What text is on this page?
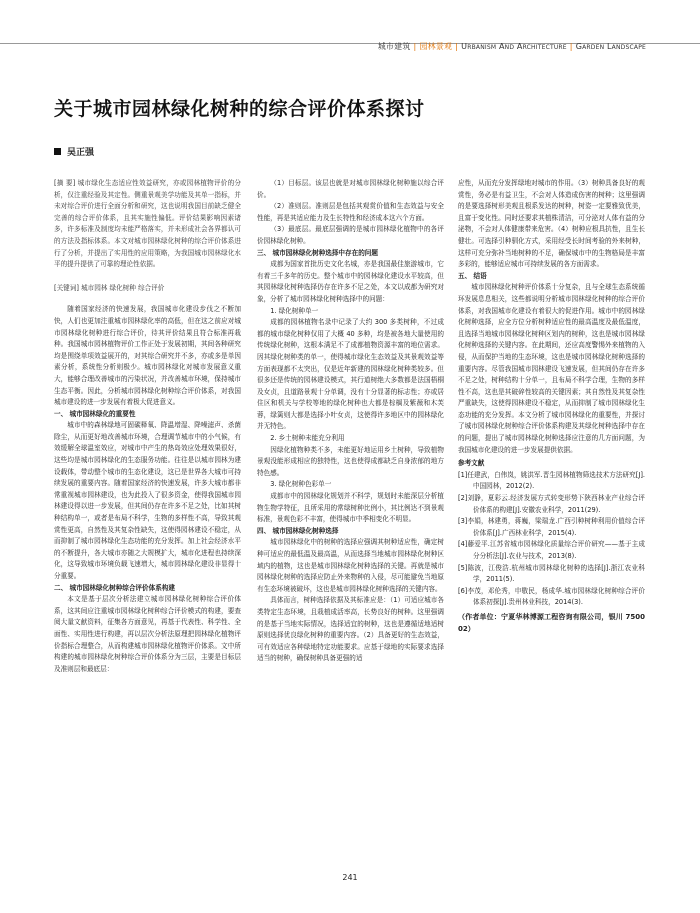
城市建筑 | 园林景观 | Urbanism And Architecture | Garden Landscape
关于城市园林绿化树种的综合评价体系探讨
吴正强

[摘 要] 城市绿化生态适应性效益研究，亦或园林植物评价的分析，仅注重经验及其定性。侧重景观美学功能及其单一指标，并未对综合评价进行全面分析和研究，这也说明我国目前缺乏健全完善的综合评价体系，且其实施性偏低。评价结果影响因素诸多，许多标准及制度均未能严格落实，并未形成社会各界都认可的方法及指标体系。本文对城市园林绿化树种的综合评价体系进行了分析，并提出了实用性的应用策略，为我国城市园林绿化水平的提升提供了可靠的理论性依据。

[关键词] 城市园林 绿化树种 综合评价

随着国家经济的快速发展，我国城市化建设步伐之不断加快，人们也更加注重城市园林绿化率的高低，但在这之前应对城市园林绿化树种进行综合评价，待其评价结果且符合标准再栽种。我国城市园林植物评价工作正处于发展初期，其间各种研究均是围绕单项效益展开的，对其综合研究并不多，亦或多是单因素分析，系统性分析则极少。城市园林绿化对城市发展意义重大，能够合理改善城市的污染状况，并改善城市环境，保持城市生态平衡。因此，分析城市园林绿化树种综合评价体系，对我国城市建设的进一步发展有着极大促进意义。

一、 城市园林绿化的重要性

城市中的森林绿地可固碳释氧、降温增湿、降噪滤声、杀菌除尘，从而更好地改善城市环境，合理调节城市中的小气候，有效缓解全球温室效应，对城市中产生的热岛效应处理效果很好，这些均是城市园林绿化的生态服务功能。往往是以城市园林为建设载体，带动整个城市的生态化建设，这已是世界各大城市可持续发展的重要内容。随着国家经济的快速发展，许多大城市都非常重视城市园林建设，也为此投入了很多资金，使得我国城市园林建设得以进一步发展，但其间仍存在许多不足之处，比如其树种结构单一，或者是布局不科学，生物的多样性不高，导致其观赏性更高，自然性及其复杂性缺失，这使得园林建设不稳定，从而抑制了城市园林绿化生态功能的充分发挥。加上社会经济水平的不断提升，各大城市亦随之大规模扩大，城市化进程也持续深化，这导致城市环境负载飞速增大，城市园林绿化建设非显得十分重要。

二、 城市园林绿化树种综合评价体系构建

本文是基于层次分析法建立城市园林绿化树种综合评价体系，这其间应注重城市园林绿化树种综合评价模式的构建，要查阅大量文献资料，征集各方面意见，再基于代表性、科学性、全面性、实用性进行构建，再以层次分析法原理把园林绿化植物评价指标合理整合，从而构建城市园林绿化植物评价体系。文中所构建的城市园林绿化树种综合评价体系分为三层，主要是目标层及准则层和最底层：

（1）目标层。该层也就是对城市园林绿化树种施以综合评价。

（2）准则层。准则层是包括其观赏价值和生态效益与安全性能，再是其适应能力及生长特性和经济成本这六个方面。

（3）最底层。最底层强调的是城市园林绿化植物中的各评价园林绿化树种。

三、 城市园林绿化树种选择中存在的问题

成都为国家首批历史文化名城，亦是我国最佳旅游城市，它有着三千多年的历史。整个城市中的园林绿化建设水平较高，但其园林绿化树种选择仍存在许多不足之处，本文以成都为研究对象，分析了城市园林绿化树种选择中的问题：

1. 绿化树种单一

成都的园林植物名录中记录了大约 300 多类树种，不过成都的城市绿化树种仅用了大概 40 多种，均是被各地大量使用的传统绿化树种，这根本满足不了成都植物资源丰富的地位需求。因其绿化树种类的单一，使得城市绿化生态效益及其景观效益等方面表现都不太突出，仅是近年新建的园林绿化树种类较多。但很多还是传统的园林建设模式，其行道树绝大多数都是法国梧桐及女贞，且道路景观十分单调，没有十分显著的标志性；亦或居住区和机关与学校等地的绿化树种也大都是棕榈及紫薇和木芙蓉，绿篱则大都是选择小叶女贞，这使得许多地区中的园林绿化并无特色。

2. 乡土树种未能充分利用

因绿化植物种类不多，未能更好地运用乡土树种，导致植物景观没能形成相应的独特性，这也使得成都缺乏自身浓郁的地方特色感。

3. 绿化树种色彩单一

成都市中的园林绿化规划并不科学，规划时未能深层分析植物生物学特征，且所采用的常绿树种比例小，其比例达不到景观标准，景观色彩不丰富，使得城市中季相变化不明显。

四、 城市园林绿化树种选择

城市园林绿化中的树种的选择应强调其树种适应性，确定树种可适应的最低温及最高温，从而选择当地城市园林绿化树种区域内的植物，这也是城市园林绿化树种选择的关键。再就是城市园林绿化树种的选择应防止外来物种的入侵，尽可能避免当地原有生态环境被破坏，这也是城市园林绿化树种选择的关键内容。

具体而言，树种选择依据及其标准应是：（1）可适应城市各类特定生态环境，且栽植成活率高，长势良好的树种。这里强调的是基于当地实际情况，选择适宜的树种，这也是遵循适地适树原则选择优良绿化树种的重要内容。（2）具备更好的生态效益，可有效适应各种绿地特定功能要求。应基于绿地的实际要求选择适当的树种，确保树种具备更强的适

应性，从而充分发挥绿地对城市的作用。（3）树种具备良好的观赏性，务必是有益卫生，不会对人体造成伤害的树种；这里强调的是要选择树形美观且根系发达的树种，树姿一定要雅致优美，且富于变化性。同时还要求其植株清洁，可分泌对人体有益的分泌物，不会对人体健康带来危害。（4）树种应根具抗性，且生长健壮。可选择引种驯化方式，采用经受长时间考验的外来树种，这样可充分弥补当地树种的不足，确保城市中的生物格局是丰富多彩的，能够适应城市可持续发展的各方面需求。

五、 结语

城市园林绿化树种评价体系十分复杂，且与全球生态系统循环发展息息相关，这些都说明分析城市园林绿化树种的综合评价体系，对我国城市化建设有着很大的促进作用。城市中的园林绿化树种选择，应全方位分析树种适应性的最高温度及最低温度，且选择当地城市园林绿化树种区划内的树种，这也是城市园林绿化树种选择的关键内容。在此期间，还应高度警惕外来植物的入侵，从而保护当地的生态环境，这也是城市园林绿化树种选择的重要内容。尽管我国城市园林建设飞速发展，但其间仍存在许多不足之处，树种结构十分单一，且布局不科学合理，生物的多样性不高，这也是其破碎性较高的关键因素；其自然性及其复杂性严重缺失，这使得园林建设不稳定，从而抑制了城市园林绿化生态功能的充分发挥。本文分析了城市园林绿化的重要性，并探讨了城市园林绿化树种综合评价体系构建及其绿化树种选择中存在的问题，提出了城市园林绿化树种选择应注意的几方面问题，为我国城市化建设的进一步发展提供依据。

参考文献
[1]任建武，白伟岚，姚洪军.晋生园林植物筛选技术方法研究[J].中国园林，2012(2).
[2]刘静，夏彩云.经济发展方式转变形势下陕西林业产业综合评价体系的构建[J].安徽农业科学，2011(29).
[3]李娟，林建勇，蒋巍，梁瑞龙.广西引种树种利用价值综合评价体系[J].广西林业科学，2015(4).
[4]藤爱平.江苏省城市园林绿化质量综合评价研究——基于主成分分析法[J].农业与技术，2013(8).
[5]陈波，江俊浩.杭州城市园林绿化树种的选择[J].浙江农业科学，2011(5).
[6]李茂，邓伦秀，申敬民，杨成华.城市园林绿化树种综合评价体系初探[J].贵州林业科技，2014(3).

（作者单位：宁夏华林博源工程咨询有限公司，银川 750002）

241
